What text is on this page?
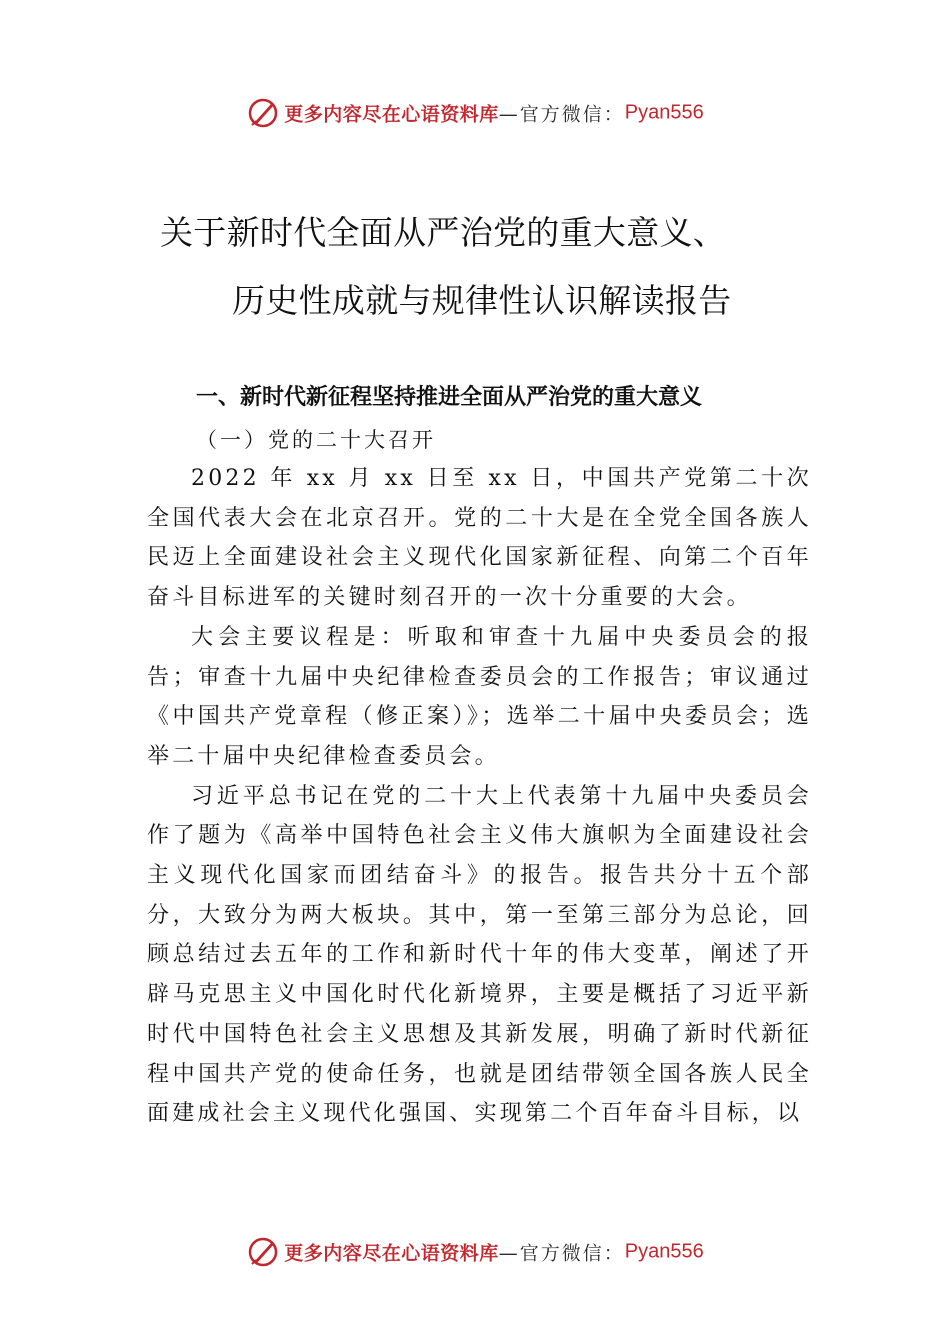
更多内容尽在心语资料库—官方微信：Pyan556
关于新时代全面从严治党的重大意义、
历史性成就与规律性认识解读报告
一、新时代新征程坚持推进全面从严治党的重大意义
（一）党的二十大召开

2022 年 xx 月 xx 日至 xx 日，中国共产党第二十次全国代表大会在北京召开。党的二十大是在全党全国各族人民迈上全面建设社会主义现代化国家新征程、向第二个百年奋斗目标进军的关键时刻召开的一次十分重要的大会。

大会主要议程是：听取和审查十九届中央委员会的报告；审查十九届中央纪律检查委员会的工作报告；审议通过《中国共产党章程（修正案）》；选举二十届中央委员会；选举二十届中央纪律检查委员会。

习近平总书记在党的二十大上代表第十九届中央委员会作了题为《高举中国特色社会主义伟大旗帜为全面建设社会主义现代化国家而团结奋斗》的报告。报告共分十五个部分，大致分为两大板块。其中，第一至第三部分为总论，回顾总结过去五年的工作和新时代十年的伟大变革，阐述了开辟马克思主义中国化时代化新境界，主要是概括了习近平新时代中国特色社会主义思想及其新发展，明确了新时代新征程中国共产党的使命任务，也就是团结带领全国各族人民全面建成社会主义现代化强国、实现第二个百年奋斗目标，以

更多内容尽在心语资料库—官方微信：Pyan556
